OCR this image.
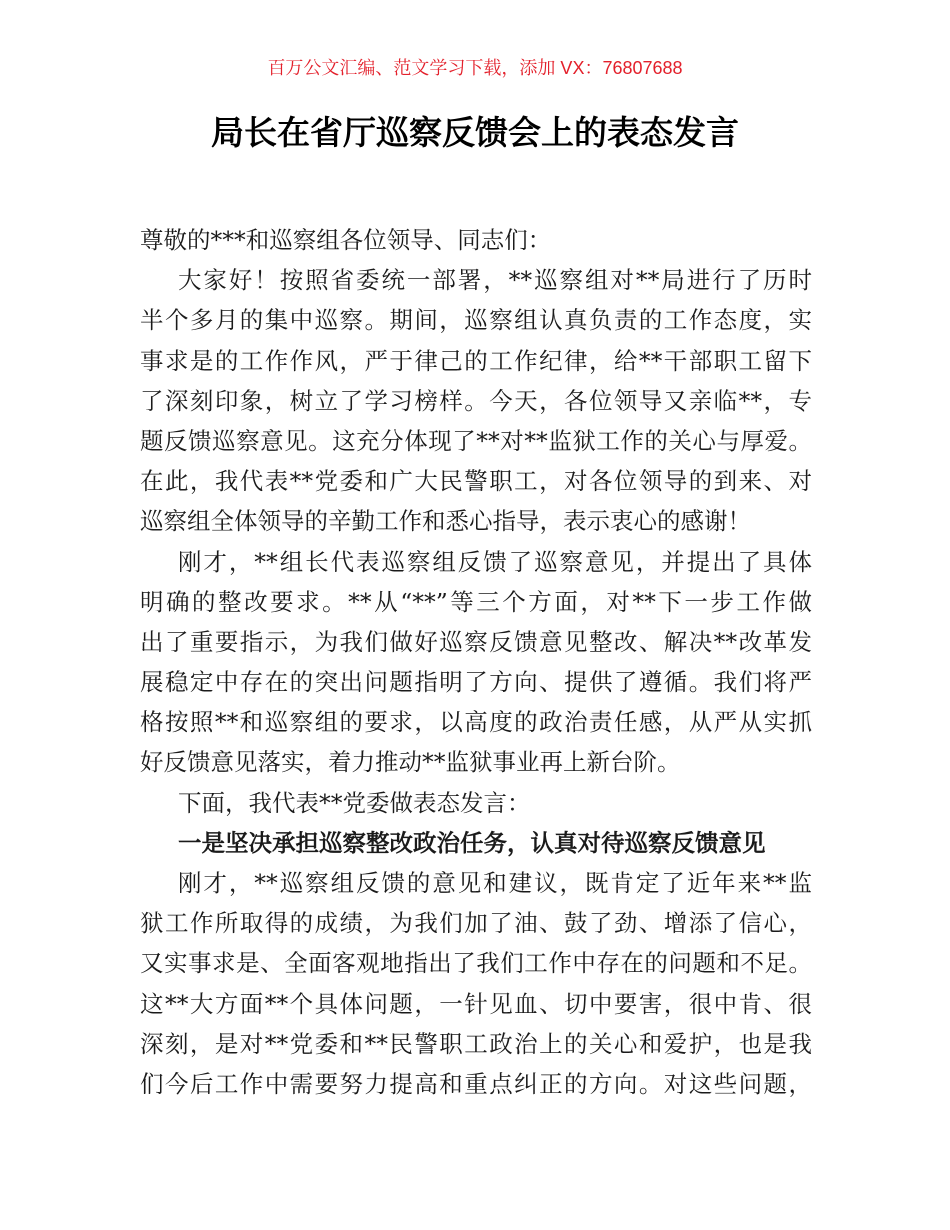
百万公文汇编、范文学习下载，添加 VX：76807688
局长在省厅巡察反馈会上的表态发言
尊敬的***和巡察组各位领导、同志们：
大家好！按照省委统一部署，**巡察组对**局进行了历时
半个多月的集中巡察。期间，巡察组认真负责的工作态度，实
事求是的工作作风，严于律己的工作纪律，给**干部职工留下
了深刻印象，树立了学习榜样。今天，各位领导又亲临**，专
题反馈巡察意见。这充分体现了**对**监狱工作的关心与厚爱。
在此，我代表**党委和广大民警职工，对各位领导的到来、对
巡察组全体领导的辛勤工作和悉心指导，表示衷心的感谢！
刚才，**组长代表巡察组反馈了巡察意见，并提出了具体
明确的整改要求。**从“**”等三个方面，对**下一步工作做
出了重要指示，为我们做好巡察反馈意见整改、解决**改革发
展稳定中存在的突出问题指明了方向、提供了遵循。我们将严
格按照**和巡察组的要求，以高度的政治责任感，从严从实抓
好反馈意见落实，着力推动**监狱事业再上新台阶。
下面，我代表**党委做表态发言：
一是坚决承担巡察整改政治任务，认真对待巡察反馈意见
刚才，**巡察组反馈的意见和建议，既肯定了近年来**监
狱工作所取得的成绩，为我们加了油、鼓了劲、增添了信心，
又实事求是、全面客观地指出了我们工作中存在的问题和不足。
这**大方面**个具体问题，一针见血、切中要害，很中肯、很
深刻，是对**党委和**民警职工政治上的关心和爱护，也是我
们今后工作中需要努力提高和重点纠正的方向。对这些问题，
